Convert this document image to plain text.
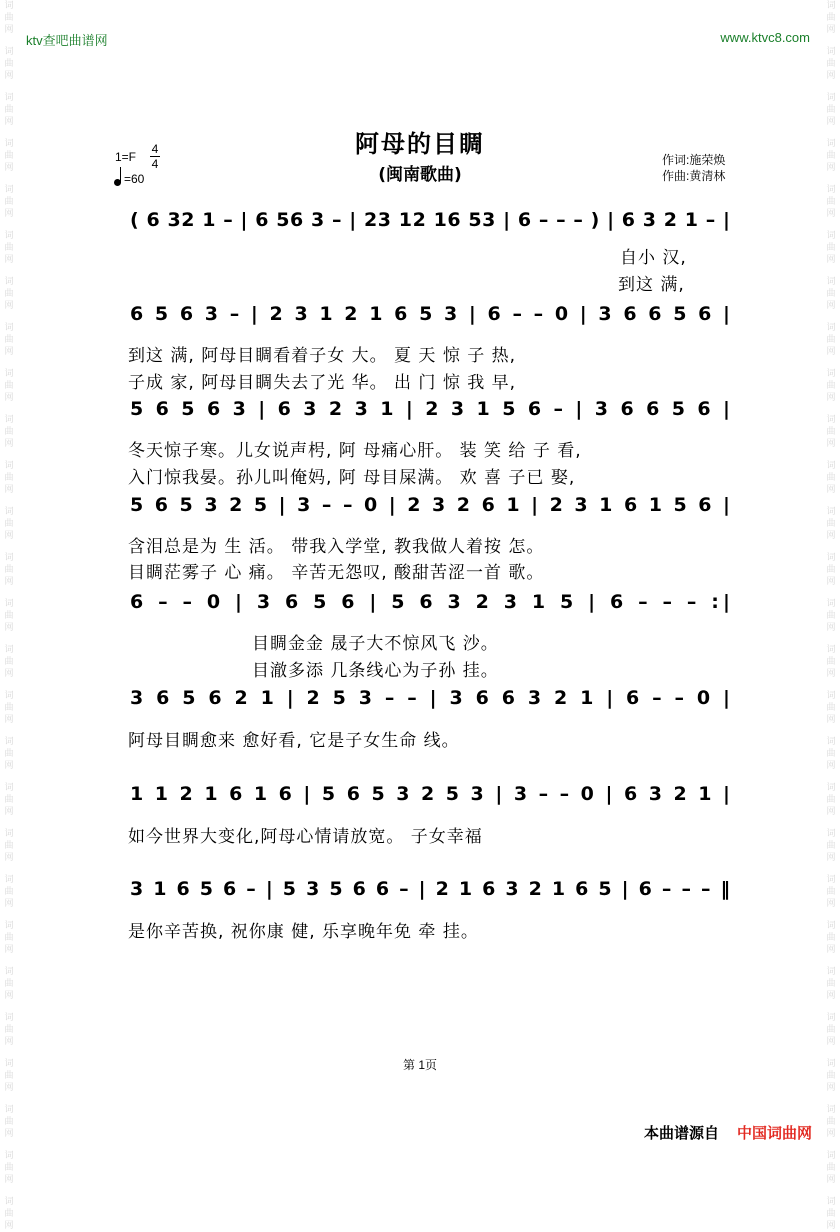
ktv查吧曲谱网	www.ktvc8.com
词曲网
词曲网
词曲网
词曲网
词曲网
词曲网
词曲网
词曲网
词曲网
词曲网
词曲网
词曲网
词曲网
词曲网
词曲网
词曲网
词曲网
词曲网
词曲网
词曲网
词曲网
词曲网
词曲网
词曲网
词曲网
词曲网
词曲网
词曲网
词曲网
词曲网
词曲网
词曲网
词曲网
词曲网
词曲网
词曲网
词曲网
词曲网
词曲网
词曲网
词曲网
词曲网
词曲网
词曲网
词曲网
词曲网
词曲网
词曲网
词曲网
词曲网
词曲网
词曲网
词曲网
词曲网
阿母的目睭
(闽南歌曲)
1=F
4
4
=60
作词:施荣焕
作曲:黄清林
( 6 32 1 – | 6 56 3 – | 23 12 16 53 | 6 – – – ) | 6 3 2 1 – |
6 5 6 3 – | 2 3 1 2 1 6 5 3 | 6 – – 0 | 3 6 6 5 6 |
5 6 5 6 3 | 6 3 2 3 1 | 2 3 1 5 6 – | 3 6 6 5 6 |
5 6 5 3 2 5 | 3 – – 0 | 2 3 2 6 1 | 2 3 1 6 1 5 6 |
6 – – 0 | 3 6 5 6 | 5 6 3 2 3 1 5 | 6 – – – :|
3 6 5 6 2 1 | 2 5 3 – – | 3 6 6 3 2 1 | 6 – – 0 |
1 1 2 1 6 1 6 | 5 6 5 3 2 5 3 | 3 – – 0 | 6 3 2 1 |
3 1 6 5 6 – | 5 3 5 6 6 – | 2 1 6 3 2 1 6 5 | 6 – – – ‖
自小 汉,
到这 满,
到这 满, 阿母目睭看着子女 大。 夏 天 惊 子 热,
子成 家, 阿母目睭失去了光 华。 出 门 惊 我 早,
冬天惊子寒。儿女说声枵, 阿 母痛心肝。 装 笑 给 子 看,
入门惊我晏。孙儿叫俺妈, 阿 母目屎满。 欢 喜 子已 娶,
含泪总是为 生 活。 带我入学堂, 教我做人着按 怎。
目睭茫雾子 心 痛。 辛苦无怨叹, 酸甜苦涩一首 歌。
目睭金金 晟子大不惊风飞 沙。
目澈多添 几条线心为子孙 挂。
阿母目睭愈来 愈好看, 它是子女生命 线。
如今世界大变化,阿母心情请放宽。 子女幸福
是你辛苦换, 祝你康 健, 乐享晚年免 牵 挂。
第 1页
本曲谱源自 中国词曲网
